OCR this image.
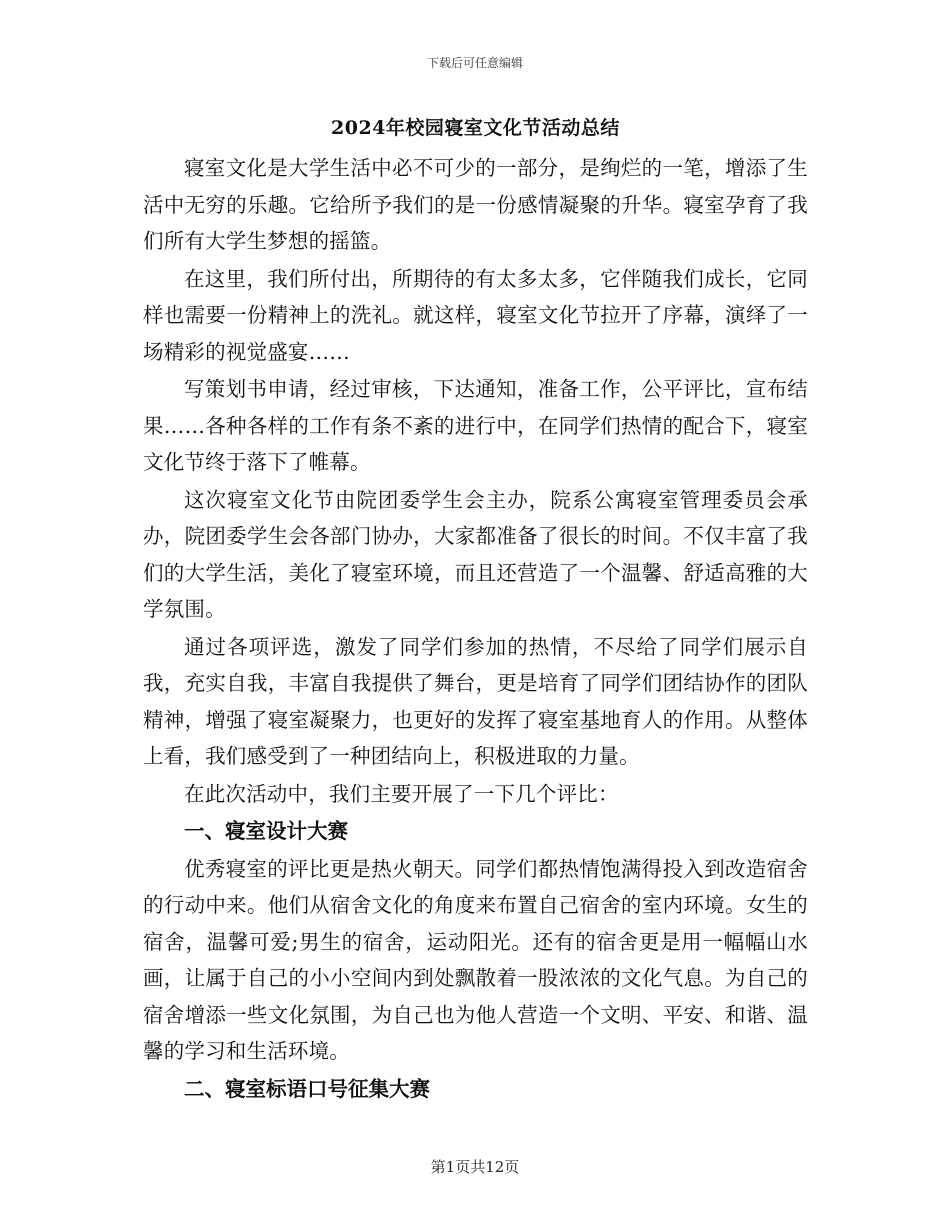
下载后可任意编辑
2024年校园寝室文化节活动总结

寝室文化是大学生活中必不可少的一部分，是绚烂的一笔，增添了生活中无穷的乐趣。它给所予我们的是一份感情凝聚的升华。寝室孕育了我们所有大学生梦想的摇篮。

在这里，我们所付出，所期待的有太多太多，它伴随我们成长，它同样也需要一份精神上的洗礼。就这样，寝室文化节拉开了序幕，演绎了一场精彩的视觉盛宴……

写策划书申请，经过审核，下达通知，准备工作，公平评比，宣布结果……各种各样的工作有条不紊的进行中，在同学们热情的配合下，寝室文化节终于落下了帷幕。

这次寝室文化节由院团委学生会主办，院系公寓寝室管理委员会承办，院团委学生会各部门协办，大家都准备了很长的时间。不仅丰富了我们的大学生活，美化了寝室环境，而且还营造了一个温馨、舒适高雅的大学氛围。

通过各项评选，激发了同学们参加的热情，不尽给了同学们展示自我，充实自我，丰富自我提供了舞台，更是培育了同学们团结协作的团队精神，增强了寝室凝聚力，也更好的发挥了寝室基地育人的作用。从整体上看，我们感受到了一种团结向上，积极进取的力量。

在此次活动中，我们主要开展了一下几个评比：

一、寝室设计大赛

优秀寝室的评比更是热火朝天。同学们都热情饱满得投入到改造宿舍的行动中来。他们从宿舍文化的角度来布置自己宿舍的室内环境。女生的宿舍，温馨可爱;男生的宿舍，运动阳光。还有的宿舍更是用一幅幅山水画，让属于自己的小小空间内到处飘散着一股浓浓的文化气息。为自己的宿舍增添一些文化氛围，为自己也为他人营造一个文明、平安、和谐、温馨的学习和生活环境。

二、寝室标语口号征集大赛

第1页共12页
